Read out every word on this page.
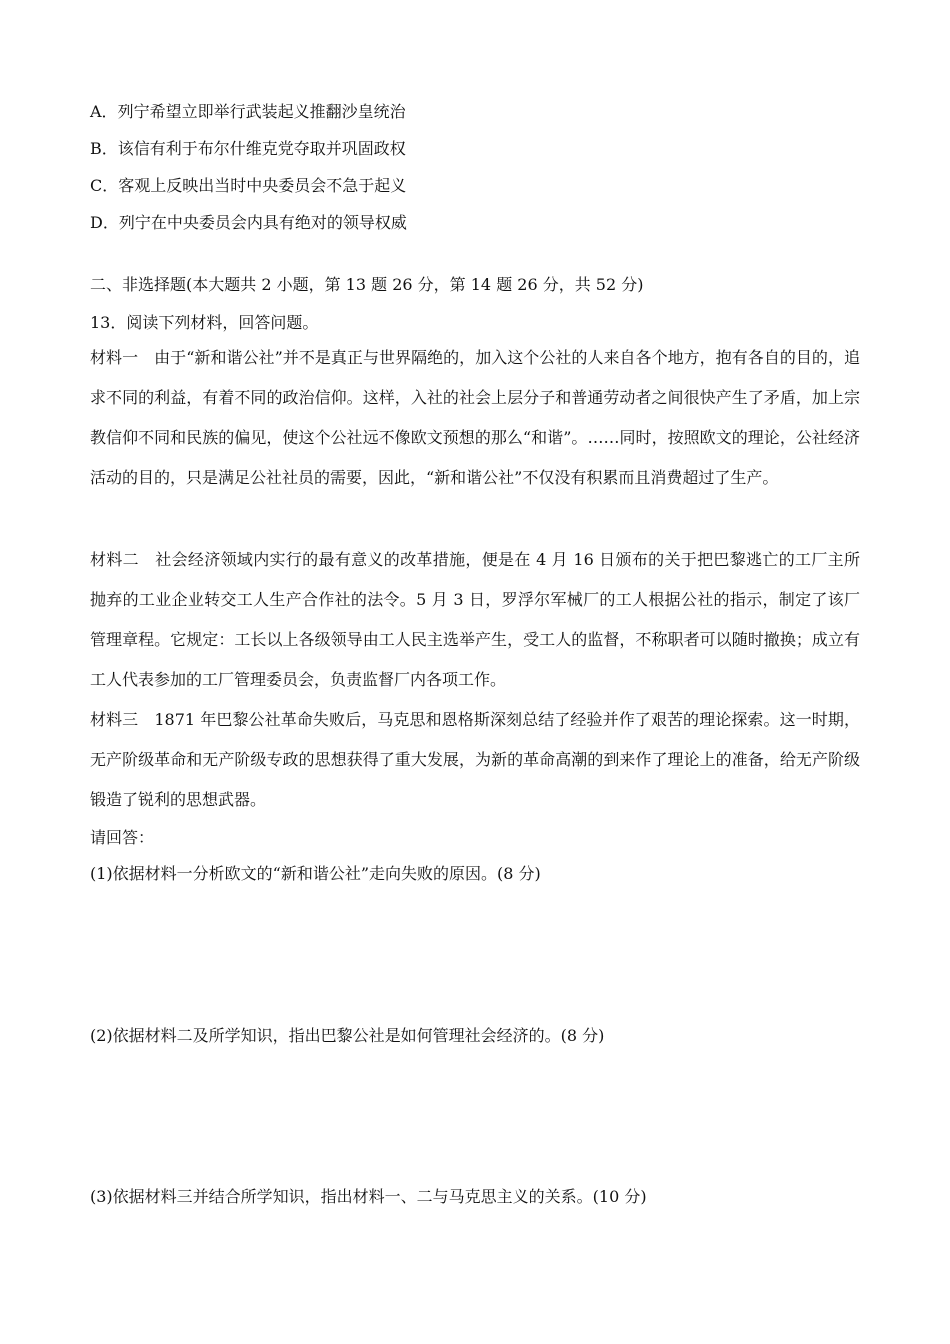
A．列宁希望立即举行武装起义推翻沙皇统治
B．该信有利于布尔什维克党夺取并巩固政权
C．客观上反映出当时中央委员会不急于起义
D．列宁在中央委员会内具有绝对的领导权威
二、非选择题(本大题共 2 小题，第 13 题 26 分，第 14 题 26 分，共 52 分)
13．阅读下列材料，回答问题。
材料一　由于“新和谐公社”并不是真正与世界隔绝的，加入这个公社的人来自各个地方，抱有各自的目的，追求不同的利益，有着不同的政治信仰。这样，入社的社会上层分子和普通劳动者之间很快产生了矛盾，加上宗教信仰不同和民族的偏见，使这个公社远不像欧文预想的那么“和谐”。……同时，按照欧文的理论，公社经济活动的目的，只是满足公社社员的需要，因此，“新和谐公社”不仅没有积累而且消费超过了生产。
材料二　社会经济领域内实行的最有意义的改革措施，便是在 4 月 16 日颁布的关于把巴黎逃亡的工厂主所抛弃的工业企业转交工人生产合作社的法令。5 月 3 日，罗浮尔军械厂的工人根据公社的指示，制定了该厂管理章程。它规定：工长以上各级领导由工人民主选举产生，受工人的监督，不称职者可以随时撤换；成立有工人代表参加的工厂管理委员会，负责监督厂内各项工作。
材料三　1871 年巴黎公社革命失败后，马克思和恩格斯深刻总结了经验并作了艰苦的理论探索。这一时期，无产阶级革命和无产阶级专政的思想获得了重大发展，为新的革命高潮的到来作了理论上的准备，给无产阶级锻造了锐利的思想武器。
请回答：
(1)依据材料一分析欧文的“新和谐公社”走向失败的原因。(8 分)
(2)依据材料二及所学知识，指出巴黎公社是如何管理社会经济的。(8 分)
(3)依据材料三并结合所学知识，指出材料一、二与马克思主义的关系。(10 分)
